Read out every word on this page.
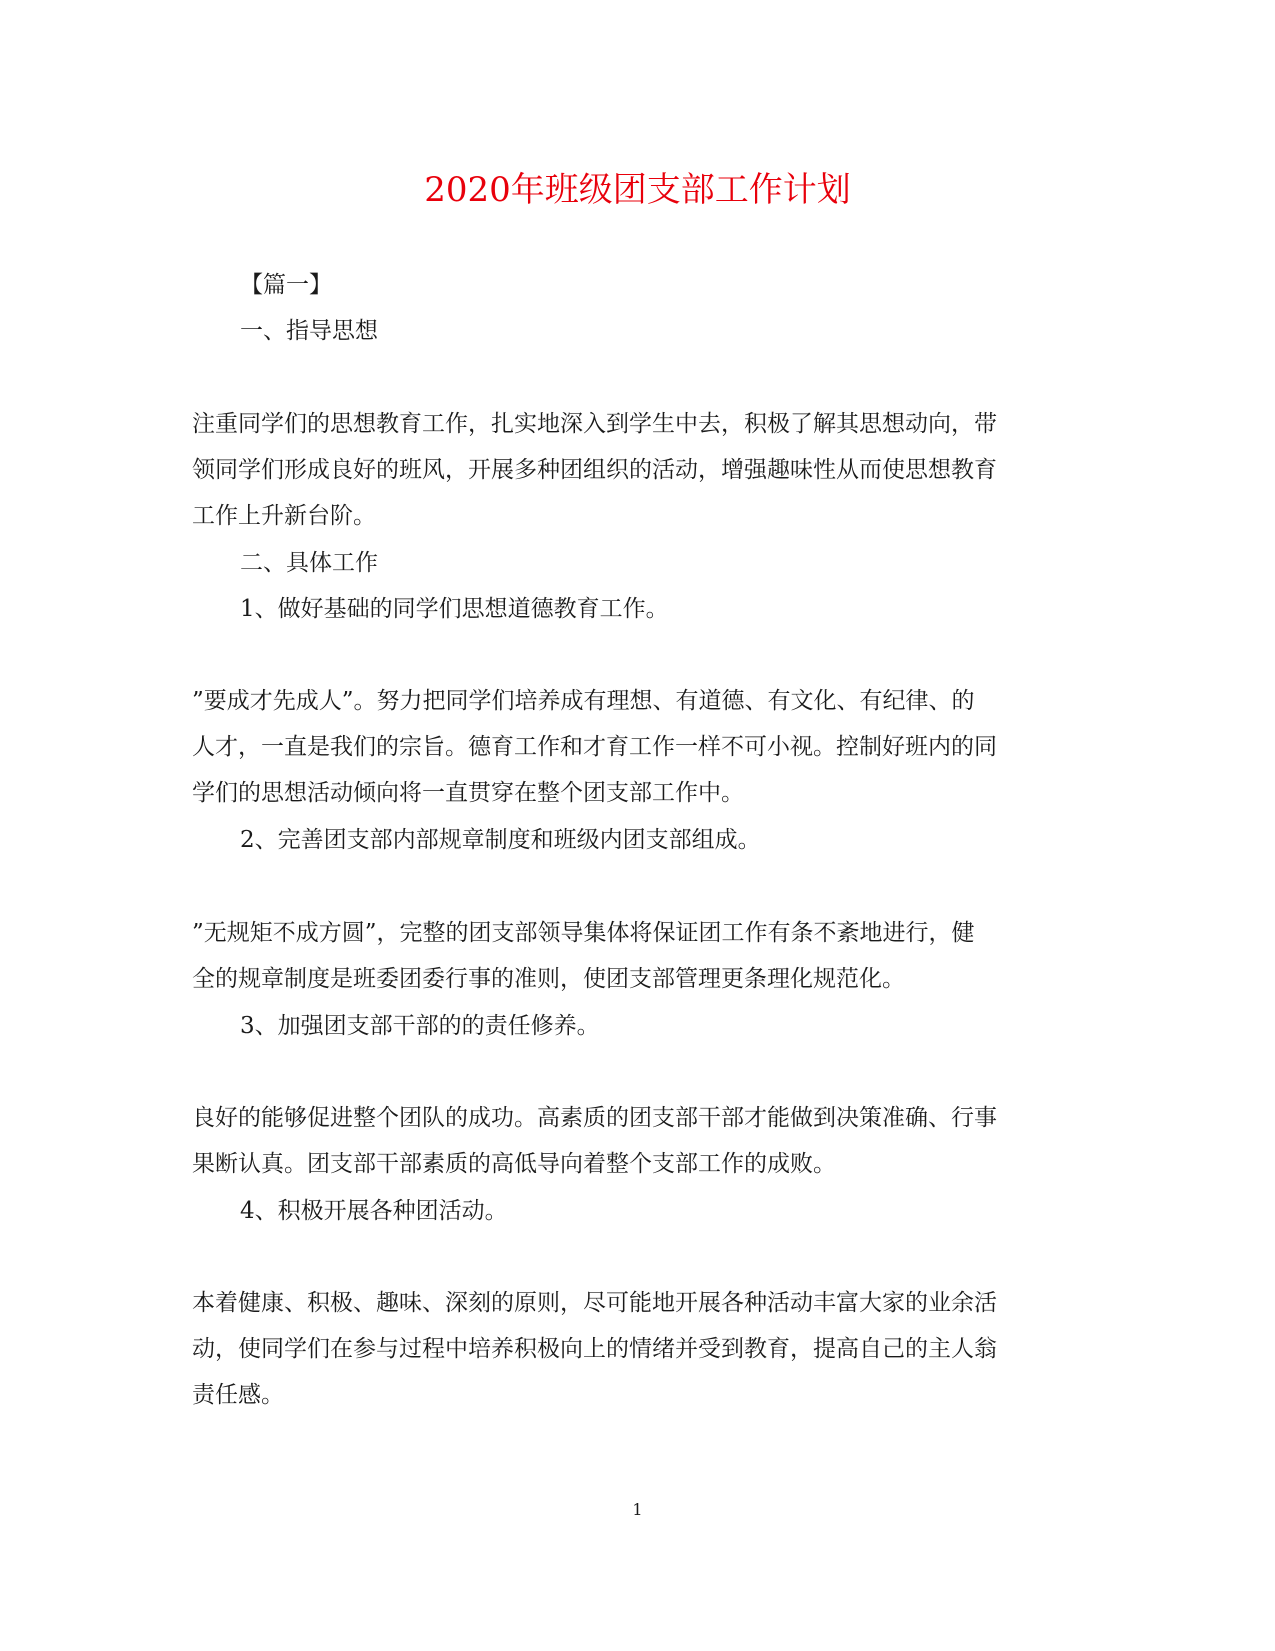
2020年班级团支部工作计划
【篇一】
一、指导思想
注重同学们的思想教育工作，扎实地深入到学生中去，积极了解其思想动向，带
领同学们形成良好的班风，开展多种团组织的活动，增强趣味性从而使思想教育
工作上升新台阶。
二、具体工作
1、做好基础的同学们思想道德教育工作。
”要成才先成人”。努力把同学们培养成有理想、有道德、有文化、有纪律、的
人才，一直是我们的宗旨。德育工作和才育工作一样不可小视。控制好班内的同
学们的思想活动倾向将一直贯穿在整个团支部工作中。
2、完善团支部内部规章制度和班级内团支部组成。
”无规矩不成方圆”，完整的团支部领导集体将保证团工作有条不紊地进行，健
全的规章制度是班委团委行事的准则，使团支部管理更条理化规范化。
3、加强团支部干部的的责任修养。
良好的能够促进整个团队的成功。高素质的团支部干部才能做到决策准确、行事
果断认真。团支部干部素质的高低导向着整个支部工作的成败。
4、积极开展各种团活动。
本着健康、积极、趣味、深刻的原则，尽可能地开展各种活动丰富大家的业余活
动，使同学们在参与过程中培养积极向上的情绪并受到教育，提高自己的主人翁
责任感。
1
